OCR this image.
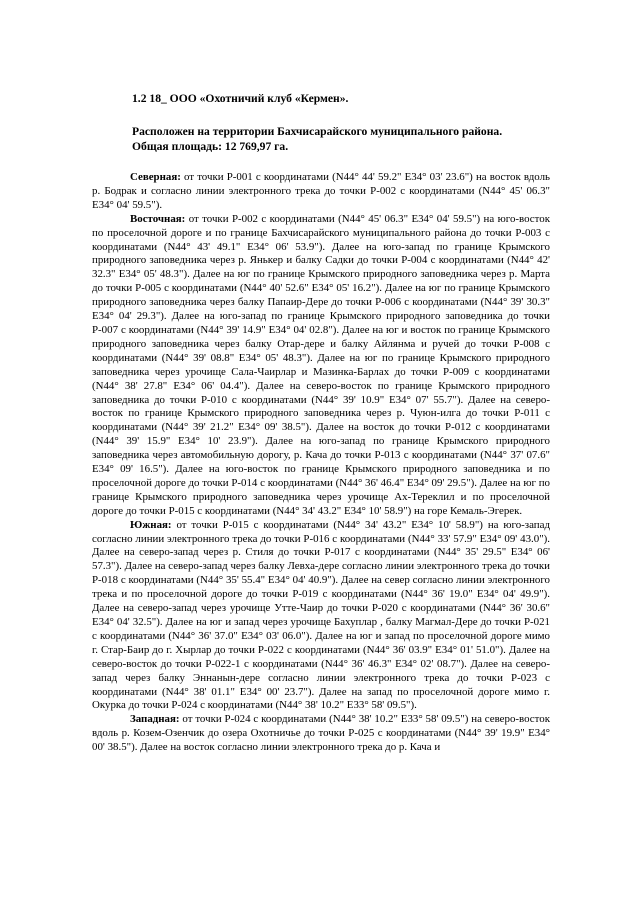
1.2 18_ ООО «Охотничий клуб «Кермен».

Расположен на территории Бахчисарайского муниципального района.
Общая площадь: 12 769,97 га.

Северная: от точки Р-001 с координатами (N44° 44' 59.2" E34° 03' 23.6") на восток вдоль р. Бодрак и согласно линии электронного трека до точки Р-002 с координатами (N44° 45' 06.3" E34° 04' 59.5").

Восточная: от точки Р-002 с координатами (N44° 45' 06.3" E34° 04' 59.5") на юго-восток по проселочной дороге и по границе Бахчисарайского муниципального района до точки Р-003 с координатами (N44° 43' 49.1" E34° 06' 53.9"). Далее на юго-запад по границе Крымского природного заповедника через р. Янькер и балку Садки до точки Р-004 с координатами (N44° 42' 32.3" E34° 05' 48.3"). Далее на юг по границе Крымского природного заповедника через р. Марта до точки Р-005 с координатами (N44° 40' 52.6" E34° 05' 16.2"). Далее на юг по границе Крымского природного заповедника через балку Папаир-Дере до точки Р-006 с координатами (N44° 39' 30.3" E34° 04' 29.3"). Далее на юго-запад по границе Крымского природного заповедника до точки Р-007 с координатами (N44° 39' 14.9" E34° 04' 02.8"). Далее на юг и восток по границе Крымского природного заповедника через балку Отар-дере и балку Айлянма и ручей до точки Р-008 с координатами (N44° 39' 08.8" E34° 05' 48.3"). Далее на юг по границе Крымского природного заповедника через урочище Сала-Чаирлар и Мазинка-Барлах до точки Р-009 с координатами (N44° 38' 27.8" E34° 06' 04.4"). Далее на северо-восток по границе Крымского природного заповедника до точки Р-010 с координатами (N44° 39' 10.9" E34° 07' 55.7"). Далее на северо-восток по границе Крымского природного заповедника через р. Чуюн-илга до точки Р-011 с координатами (N44° 39' 21.2" E34° 09' 38.5"). Далее на восток до точки Р-012 с координатами (N44° 39' 15.9" E34° 10' 23.9"). Далее на юго-запад по границе Крымского природного заповедника через автомобильную дорогу, р. Кача до точки Р-013 с координатами (N44° 37' 07.6" E34° 09' 16.5"). Далее на юго-восток по границе Крымского природного заповедника и по проселочной дороге до точки Р-014 с координатами (N44° 36' 46.4" E34° 09' 29.5"). Далее на юг по границе Крымского природного заповедника через урочище Ах-Тереклил и по проселочной дороге до точки Р-015 с координатами (N44° 34' 43.2" E34° 10' 58.9") на горе Кемаль-Эгерек.

Южная: от точки Р-015 с координатами (N44° 34' 43.2" E34° 10' 58.9") на юго-запад согласно линии электронного трека до точки Р-016 с координатами (N44° 33' 57.9" E34° 09' 43.0"). Далее на северо-запад через р. Стиля до точки Р-017 с координатами (N44° 35' 29.5" E34° 06' 57.3"). Далее на северо-запад через балку Левха-дере согласно линии электронного трека до точки Р-018 с координатами (N44° 35' 55.4" E34° 04' 40.9"). Далее на север согласно линии электронного трека и по проселочной дороге до точки Р-019 с координатами (N44° 36' 19.0" E34° 04' 49.9"). Далее на северо-запад через урочище Утте-Чаир до точки Р-020 с координатами (N44° 36' 30.6" E34° 04' 32.5"). Далее на юг и запад через урочище Бахуплар , балку Магмал-Дере до точки Р-021 с координатами (N44° 36' 37.0" E34° 03' 06.0"). Далее на юг и запад по проселочной дороге мимо г. Стар-Баир до г. Хырлар до точки Р-022 с координатами (N44° 36' 03.9" E34° 01' 51.0"). Далее на северо-восток до точки Р-022-1 с координатами (N44° 36' 46.3" E34° 02' 08.7"). Далее на северо-запад через балку Эннанын-дере согласно линии электронного трека до точки Р-023 с координатами (N44° 38' 01.1" E34° 00' 23.7"). Далее на запад по проселочной дороге мимо г. Окурка до точки Р-024 с координатами (N44° 38' 10.2" E33° 58' 09.5").

Западная: от точки Р-024 с координатами (N44° 38' 10.2" E33° 58' 09.5") на северо-восток вдоль р. Козем-Озенчик до озера Охотничье до точки Р-025 с координатами (N44° 39' 19.9" E34° 00' 38.5"). Далее на восток согласно линии электронного трека до р. Кача и
